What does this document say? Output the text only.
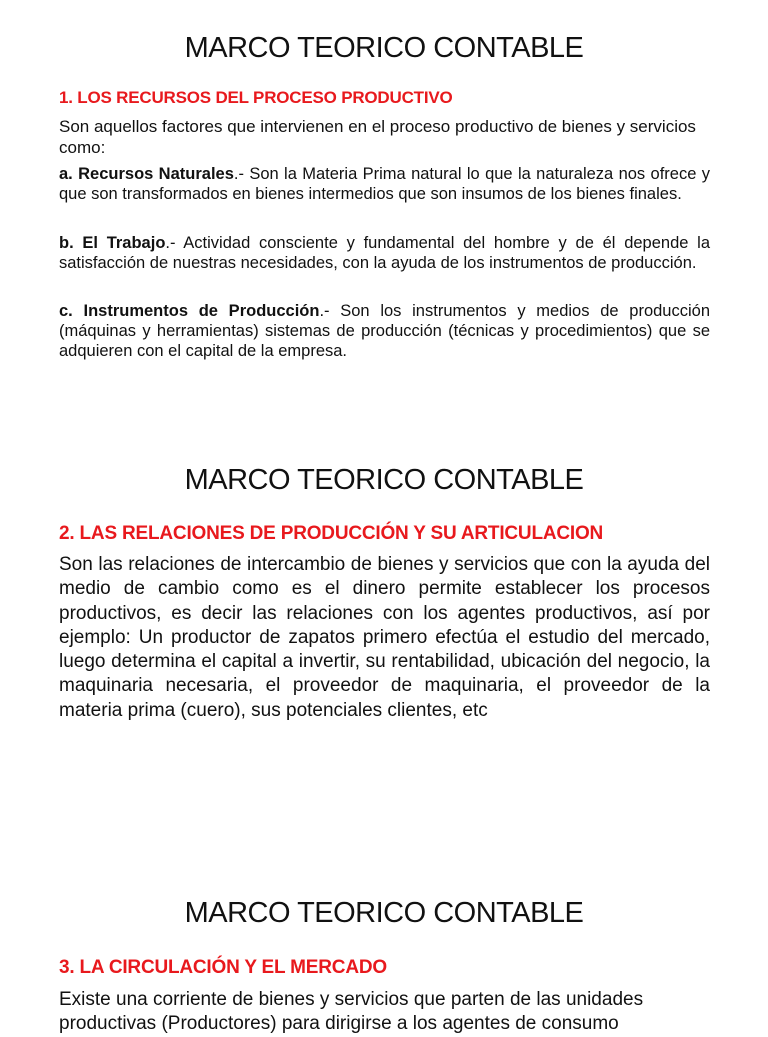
MARCO TEORICO CONTABLE
1. LOS RECURSOS DEL PROCESO PRODUCTIVO

Son aquellos factores que intervienen en el proceso productivo de bienes y servicios como:

a. Recursos Naturales.- Son la Materia Prima natural lo que la naturaleza nos ofrece y que son transformados en bienes intermedios que son insumos de los bienes finales.

b. El Trabajo.- Actividad consciente y fundamental del hombre y de él depende la satisfacción de nuestras necesidades, con la ayuda de los instrumentos de producción.

c. Instrumentos de Producción.- Son los instrumentos y medios de producción (máquinas y herramientas) sistemas de producción (técnicas y procedimientos) que se adquieren con el capital de la empresa.

MARCO TEORICO CONTABLE
2. LAS RELACIONES DE PRODUCCIÓN Y SU ARTICULACION

Son las relaciones de intercambio de bienes y servicios que con la ayuda del medio de cambio como es el dinero permite establecer los procesos productivos, es decir las relaciones con los agentes productivos, así por ejemplo: Un productor de zapatos primero efectúa el estudio del mercado, luego determina el capital a invertir, su rentabilidad, ubicación del negocio, la maquinaria necesaria, el proveedor de maquinaria, el proveedor de la materia prima (cuero), sus potenciales clientes, etc

MARCO TEORICO CONTABLE
3. LA CIRCULACIÓN Y EL MERCADO

Existe una corriente de bienes y servicios que parten de las unidades productivas (Productores) para dirigirse a los agentes de consumo
